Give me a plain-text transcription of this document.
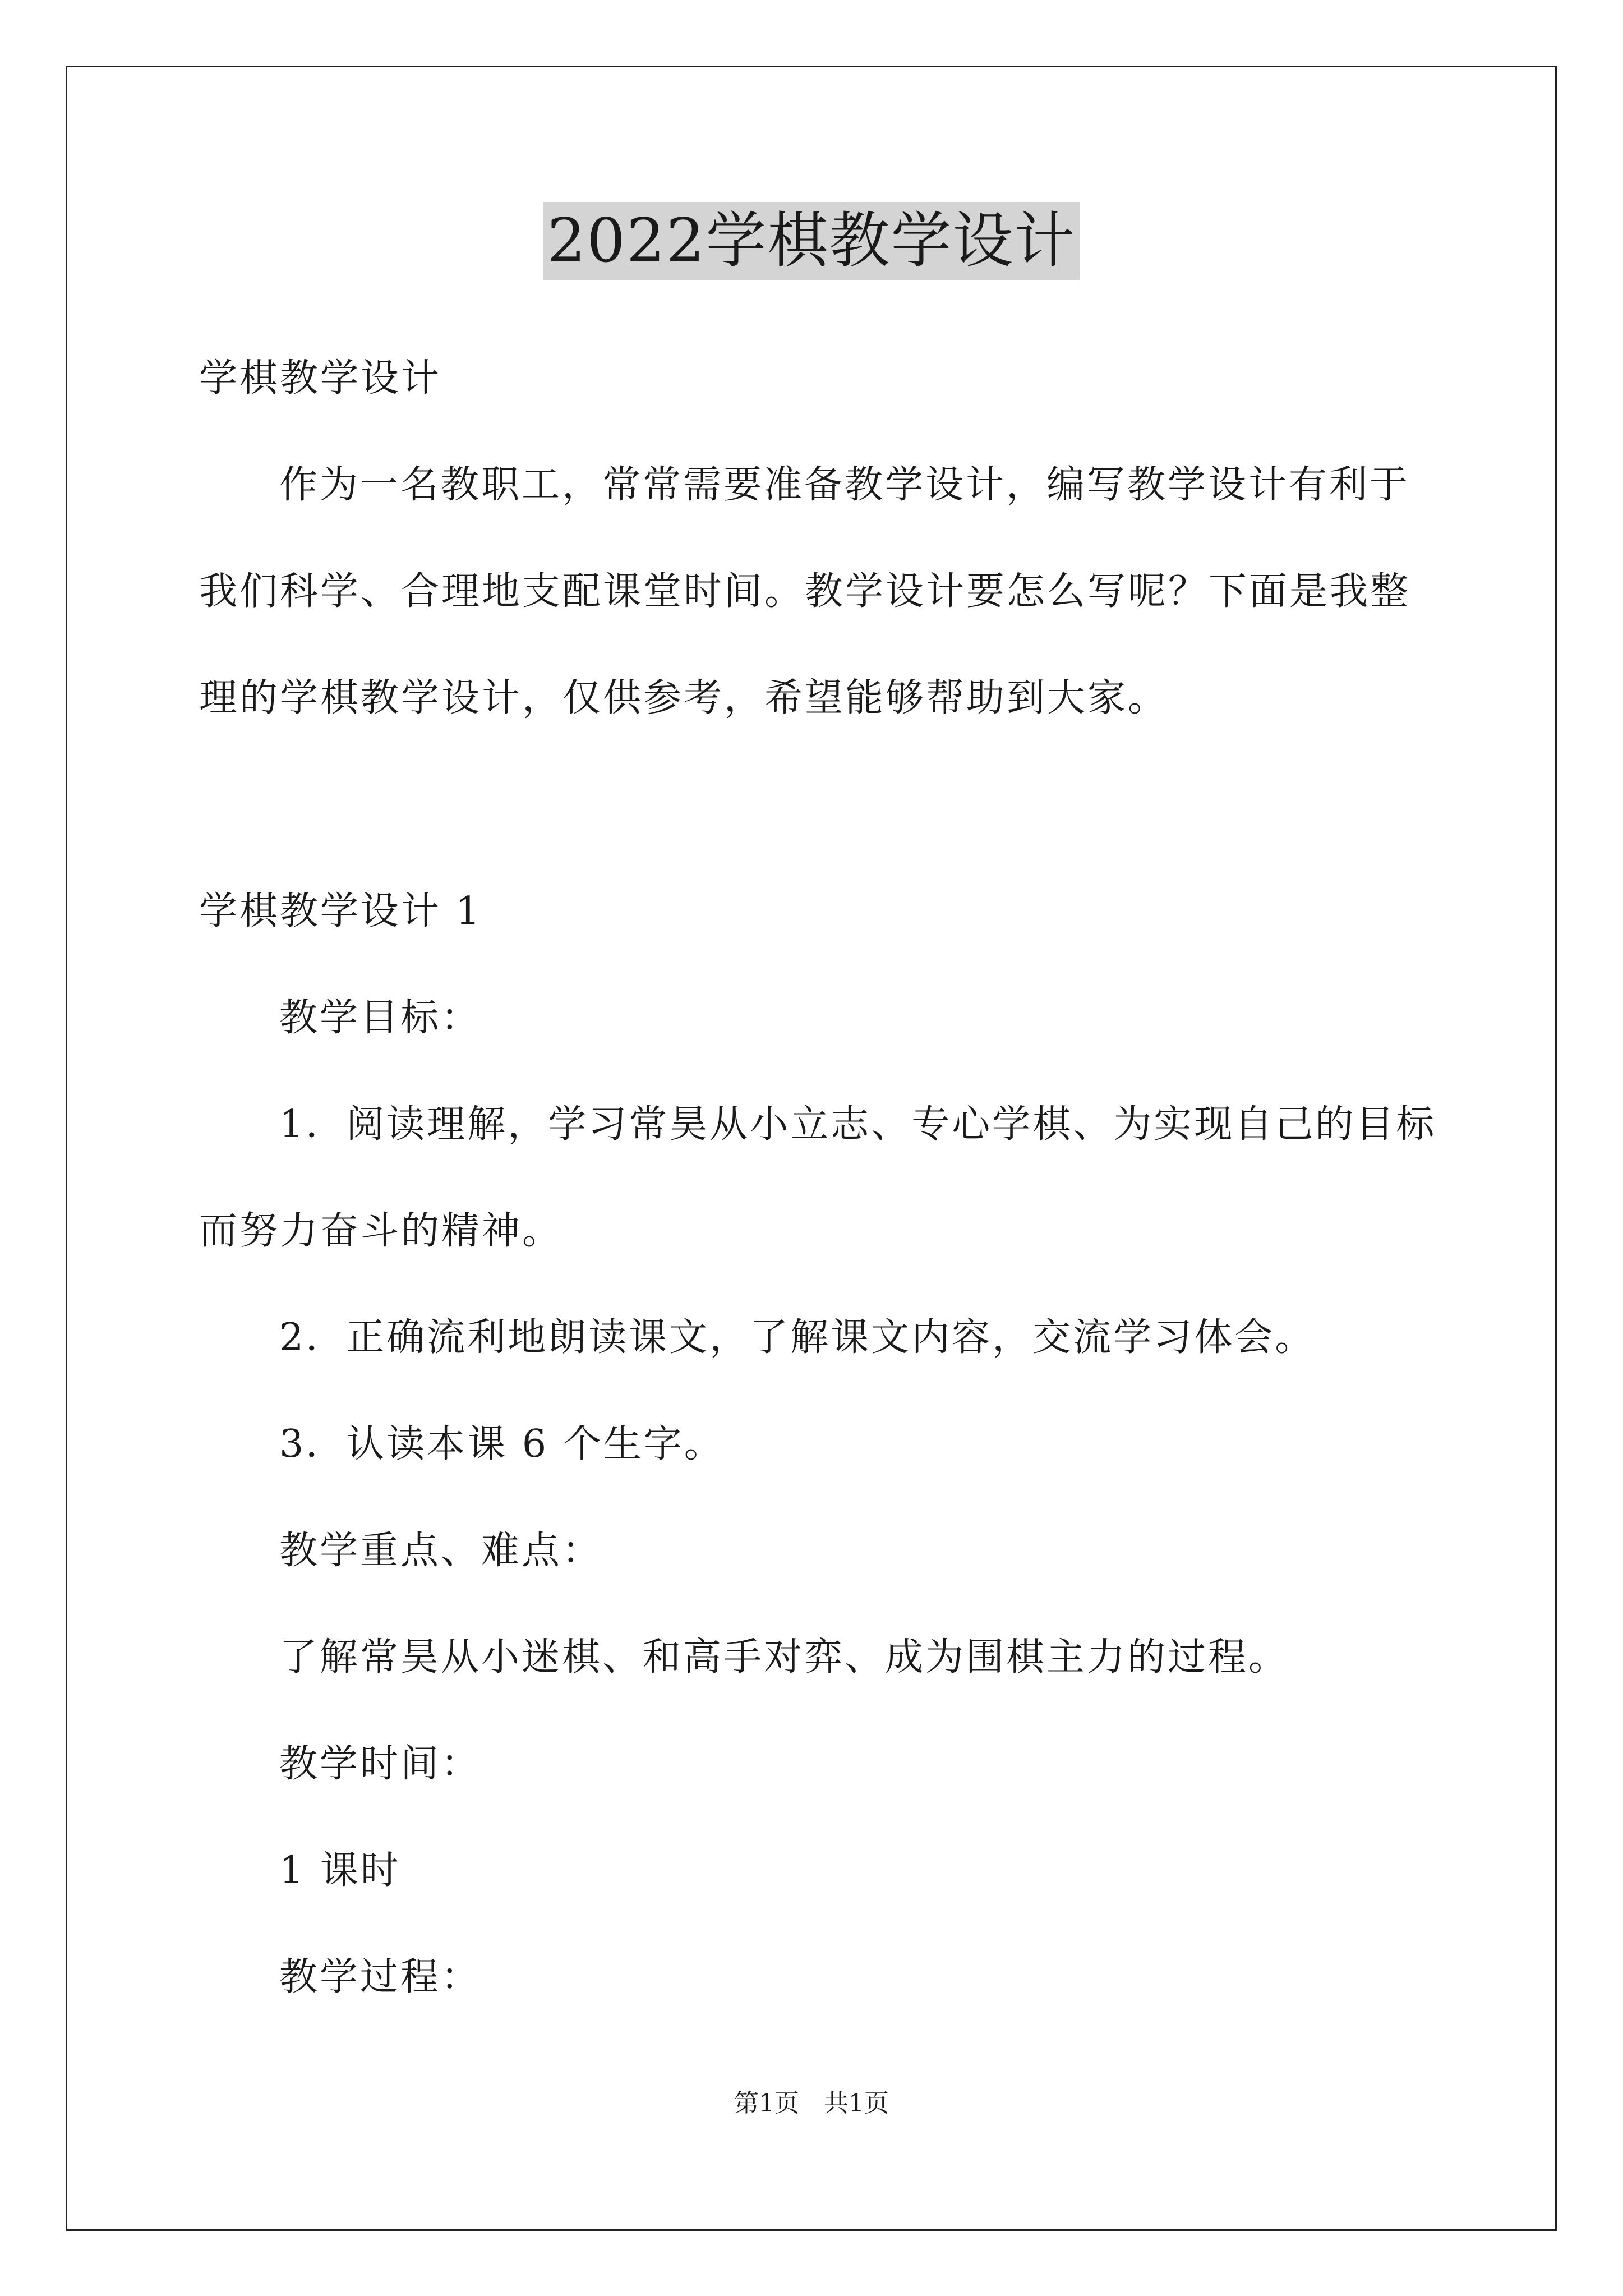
2022学棋教学设计
学棋教学设计
作为一名教职工，常常需要准备教学设计，编写教学设计有利于
我们科学、合理地支配课堂时间。教学设计要怎么写呢？下面是我整
理的学棋教学设计，仅供参考，希望能够帮助到大家。
学棋教学设计 1
教学目标：
1．阅读理解，学习常昊从小立志、专心学棋、为实现自己的目标
而努力奋斗的精神。
2．正确流利地朗读课文，了解课文内容，交流学习体会。
3．认读本课 6 个生字。
教学重点、难点：
了解常昊从小迷棋、和高手对弈、成为围棋主力的过程。
教学时间：
1 课时
教学过程：
第1页　共1页
